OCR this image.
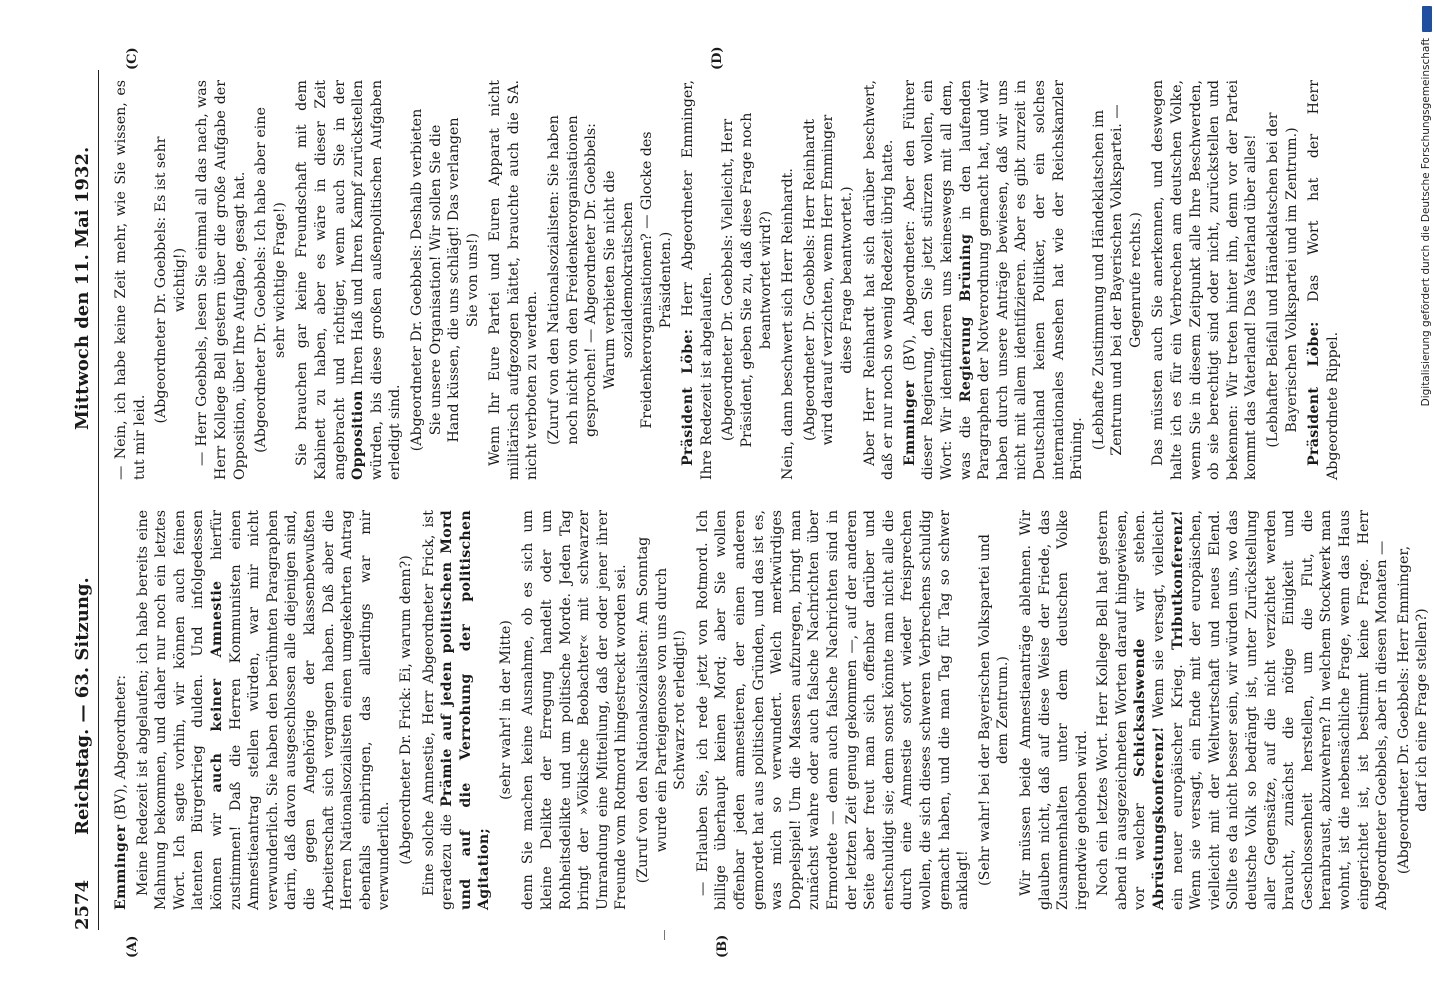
2574
Reichstag. — 63. Sitzung.
Mittwoch den 11. Mai 1932.
(A)	(B)
(C)	(D)

Emminger (BV), Abgeordneter: Meine Redezeit ist abgelaufen; ich habe bereits eine Mahnung bekommen, und daher nur noch ein letztes Wort. Ich sagte vorhin, wir können auch feinen latenten Bürgerkrieg dulden. Und infolgedessen können wir auch keiner Amnestie hierfür zustimmen! Daß die Herren Kommunisten einen Amnestieantrag stellen würden, war mir nicht verwunderlich. Sie haben den berühmten Paragraphen darin, daß davon ausgeschlossen alle diejenigen sind, die gegen Angehörige der klassenbewußten Arbeiterschaft sich vergangen haben. Daß aber die Herren Nationalsozialisten einen umgekehrten Antrag ebenfalls einbringen, das allerdings war mir verwunderlich. (Abgeordneter Dr. Frick: Ei, warum denn?) Eine solche Amnestie, Herr Abgeordneter Frick, ist geradezu die Prämie auf jeden politischen Mord und auf die Verrohung der politischen Agitation;

(sehr wahr! in der Mitte) denn Sie machen keine Ausnahme, ob es sich um kleine Delikte der Erregung handelt oder um Rohheitsdelikte und um politische Morde. Jeden Tag bringt der »Völkische Beobachter« mit schwarzer Umrandung eine Mitteilung, daß der oder jener ihrer Freunde vom Rotmord hingestreckt worden sei. (Zuruf von den Nationalsozialisten: Am Sonntag wurde ein Parteigenosse von uns durch Schwarz-rot erledigt!) — Erlauben Sie, ich rede jetzt von Rotmord. Ich billige überhaupt keinen Mord; aber Sie wollen offenbar jeden amnestieren, der einen anderen gemordet hat aus politischen Gründen, und das ist es, was mich so verwundert. Welch merkwürdiges Doppelspiel! Um die Massen aufzuregen, bringt man zunächst wahre oder auch falsche Nachrichten über Ermordete — denn auch falsche Nachrichten sind in der letzten Zeit genug gekommen —, auf der anderen Seite aber freut man sich offenbar darüber und entschuldigt sie; denn sonst könnte man nicht alle die durch eine Amnestie sofort wieder freisprechen wollen, die sich dieses schweren Verbrechens schuldig gemacht haben, und die man Tag für Tag so schwer anklagt! (Sehr wahr! bei der Bayerischen Volkspartei und dem Zentrum.) Wir müssen beide Amnestieanträge ablehnen. Wir glauben nicht, daß auf diese Weise der Friede, das Zusammenhalten unter dem deutschen Volke irgendwie gehoben wird. Noch ein letztes Wort. Herr Kollege Bell hat gestern abend in ausgezeichneten Worten darauf hingewiesen, vor welcher Schicksalswende wir stehen. Abrüstungskonferenz! Wenn sie versagt, vielleicht ein neuer europäischer Krieg. Tributkonferenz! Wenn sie versagt, ein Ende mit der europäischen, vielleicht mit der Weltwirtschaft und neues Elend. Sollte es da nicht besser sein, wir würden uns, wo das deutsche Volk so bedrängt ist, unter Zurückstellung aller Gegensätze, auf die nicht verzichtet werden braucht, zunächst die nötige Einigkeit und Geschlossenheit herstellen, um die Flut, die heranbraust, abzuwehren? In welchem Stockwerk man wohnt, ist die nebensächliche Frage, wenn das Haus eingerichtet ist, ist bestimmt keine Frage. Herr Abgeordneter Goebbels, aber in diesen Monaten — (Abgeordneter Dr. Goebbels: Herr Emminger, darf ich eine Frage stellen?)

— Nein, ich habe keine Zeit mehr, wie Sie wissen, es tut mir leid.

(Abgeordneter Dr. Goebbels: Es ist sehr wichtig!) — Herr Goebbels, lesen Sie einmal all das nach, was Herr Kollege Bell gestern über die große Aufgabe der Opposition, über Ihre Aufgabe, gesagt hat. (Abgeordneter Dr. Goebbels: Ich habe aber eine sehr wichtige Frage!) Sie brauchen gar keine Freundschaft mit dem Kabinett zu haben, aber es wäre in dieser Zeit angebracht und richtiger, wenn auch Sie in der Opposition Ihren Haß und Ihren Kampf zurückstellen würden, bis diese großen außenpolitischen Aufgaben erledigt sind. (Abgeordneter Dr. Goebbels: Deshalb verbieten Sie unsere Organisation! Wir sollen Sie die Hand küssen, die uns schlägt! Das verlangen Sie von uns!) Wenn Ihr Eure Partei und Euren Apparat nicht militärisch aufgezogen hättet, brauchte auch die SA. nicht verboten zu werden. (Zuruf von den Nationalsozialisten: Sie haben noch nicht von den Freidenkerorganisationen gesprochen! — Abgeordneter Dr. Goebbels: Warum verbieten Sie nicht die sozialdemokratischen Freidenkerorganisationen? — Glocke des Präsidenten.)

Präsident Löbe: Herr Abgeordneter Emminger, Ihre Redezeit ist abgelaufen. (Abgeordneter Dr. Goebbels: Vielleicht, Herr Präsident, geben Sie zu, daß diese Frage noch beantwortet wird?) Nein, dann beschwert sich Herr Reinhardt. (Abgeordneter Dr. Goebbels: Herr Reinhardt wird darauf verzichten, wenn Herr Emminger diese Frage beantwortet.) Aber Herr Reinhardt hat sich darüber beschwert, daß er nur noch so wenig Redezeit übrig hatte. Emminger (BV), Abgeordneter: Aber den Führer dieser Regierung, den Sie jetzt stürzen wollen, ein Wort: Wir identifizieren uns keineswegs mit all dem, was die Regierung Brüning in den laufenden Paragraphen der Notverordnung gemacht hat, und wir haben durch unsere Anträge bewiesen, daß wir uns nicht mit allem identifizieren. Aber es gibt zurzeit in Deutschland keinen Politiker, der ein solches internationales Ansehen hat wie der Reichskanzler Brüning. (Lebhafte Zustimmung und Händeklatschen im Zentrum und bei der Bayerischen Volkspartei. — Gegenrufe rechts.) Das müssten auch Sie anerkennen, und deswegen halte ich es für ein Verbrechen am deutschen Volke, wenn Sie in diesem Zeitpunkt alle Ihre Beschwerden, ob sie berechtigt sind oder nicht, zurückstellen und bekennen: Wir treten hinter ihn, denn vor der Partei kommt das Vaterland! Das Vaterland über alles! (Lebhafter Beifall und Händeklatschen bei der Bayerischen Volkspartei und im Zentrum.) Präsident Löbe: Das Wort hat der Herr Abgeordnete Rippel.	Digitalisierung gefördert durch die Deutsche Forschungsgemeinschaft
